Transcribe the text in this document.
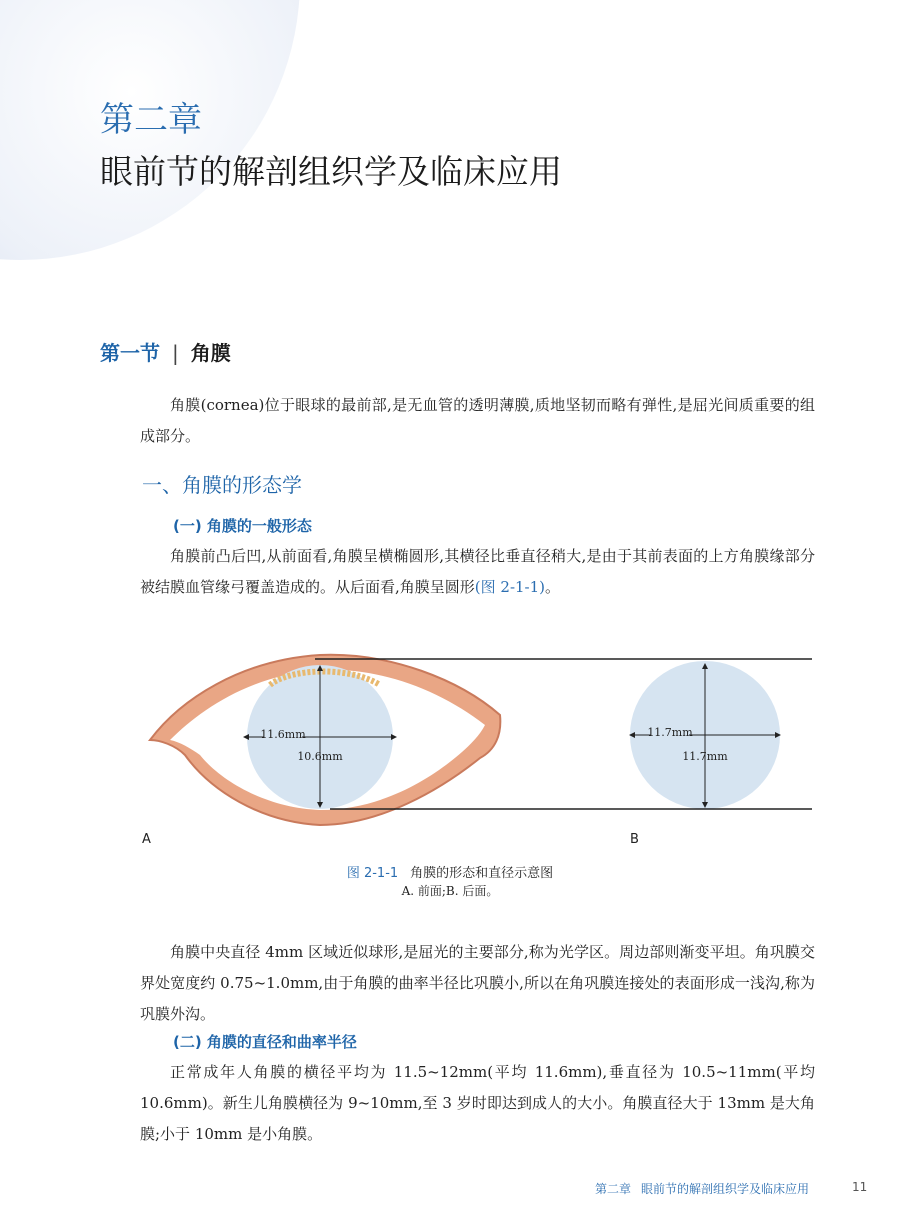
第二章
眼前节的解剖组织学及临床应用
第一节 | 角膜
角膜(cornea)位于眼球的最前部,是无血管的透明薄膜,质地坚韧而略有弹性,是屈光间质重要的组成部分。
一、角膜的形态学
(一) 角膜的一般形态
角膜前凸后凹,从前面看,角膜呈横椭圆形,其横径比垂直径稍大,是由于其前表面的上方角膜缘部分被结膜血管缘弓覆盖造成的。从后面看,角膜呈圆形(图 2-1-1)。
11.6mm
10.6mm
11.7mm
11.7mm
A	B
图 2-1-1 角膜的形态和直径示意图
A. 前面;B. 后面。
角膜中央直径 4mm 区域近似球形,是屈光的主要部分,称为光学区。周边部则渐变平坦。角巩膜交界处宽度约 0.75~1.0mm,由于角膜的曲率半径比巩膜小,所以在角巩膜连接处的表面形成一浅沟,称为巩膜外沟。
(二) 角膜的直径和曲率半径
正常成年人角膜的横径平均为 11.5~12mm(平均 11.6mm),垂直径为 10.5~11mm(平均 10.6mm)。新生儿角膜横径为 9~10mm,至 3 岁时即达到成人的大小。角膜直径大于 13mm 是大角膜;小于 10mm 是小角膜。
第二章 眼前节的解剖组织学及临床应用	11
